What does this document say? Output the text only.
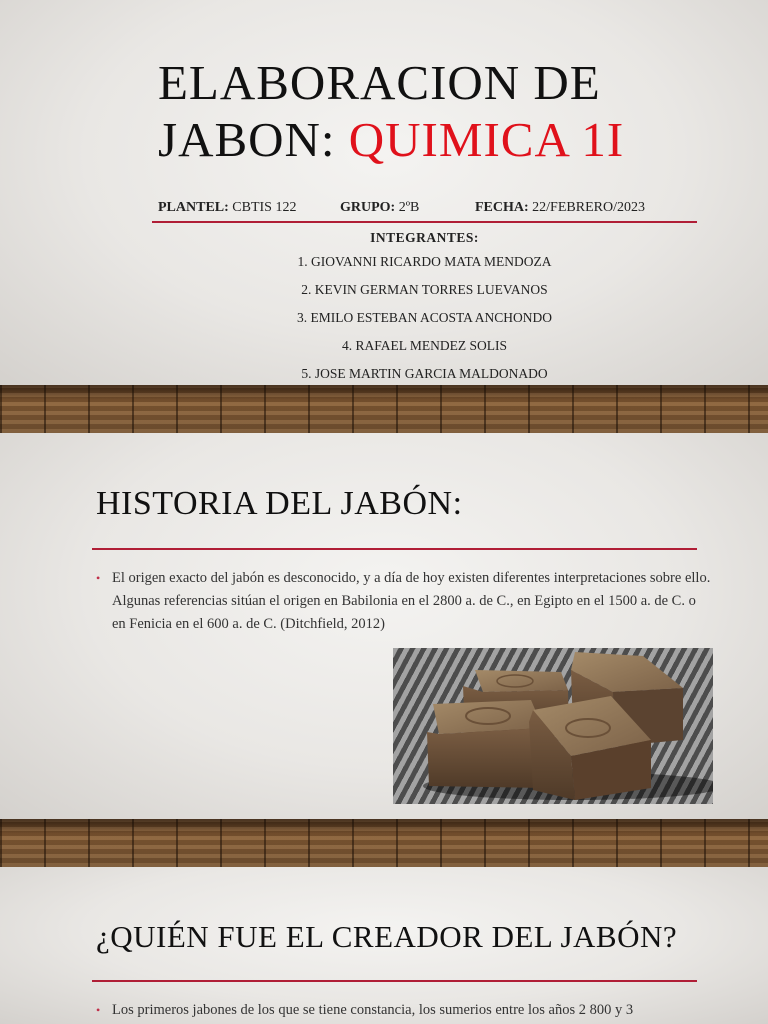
ELABORACION DE
JABON: QUIMICA 1I
PLANTEL: CBTIS 122	GRUPO: 2ºB	FECHA: 22/FEBRERO/2023
INTEGRANTES:
1. GIOVANNI RICARDO MATA MENDOZA
2. KEVIN GERMAN TORRES LUEVANOS
3. EMILO ESTEBAN ACOSTA ANCHONDO
4. RAFAEL MENDEZ SOLIS
5. JOSE MARTIN GARCIA MALDONADO
HISTORIA DEL JABÓN:
• El origen exacto del jabón es desconocido, y a día de hoy existen diferentes interpretaciones sobre ello. Algunas referencias sitúan el origen en Babilonia en el 2800 a. de C., en Egipto en el 1500 a. de C. o en Fenicia en el 600 a. de C. (Ditchfield, 2012)
¿QUIÉN FUE EL CREADOR DEL JABÓN?
• Los primeros jabones de los que se tiene constancia, los sumerios entre los años 2 800 y 3
